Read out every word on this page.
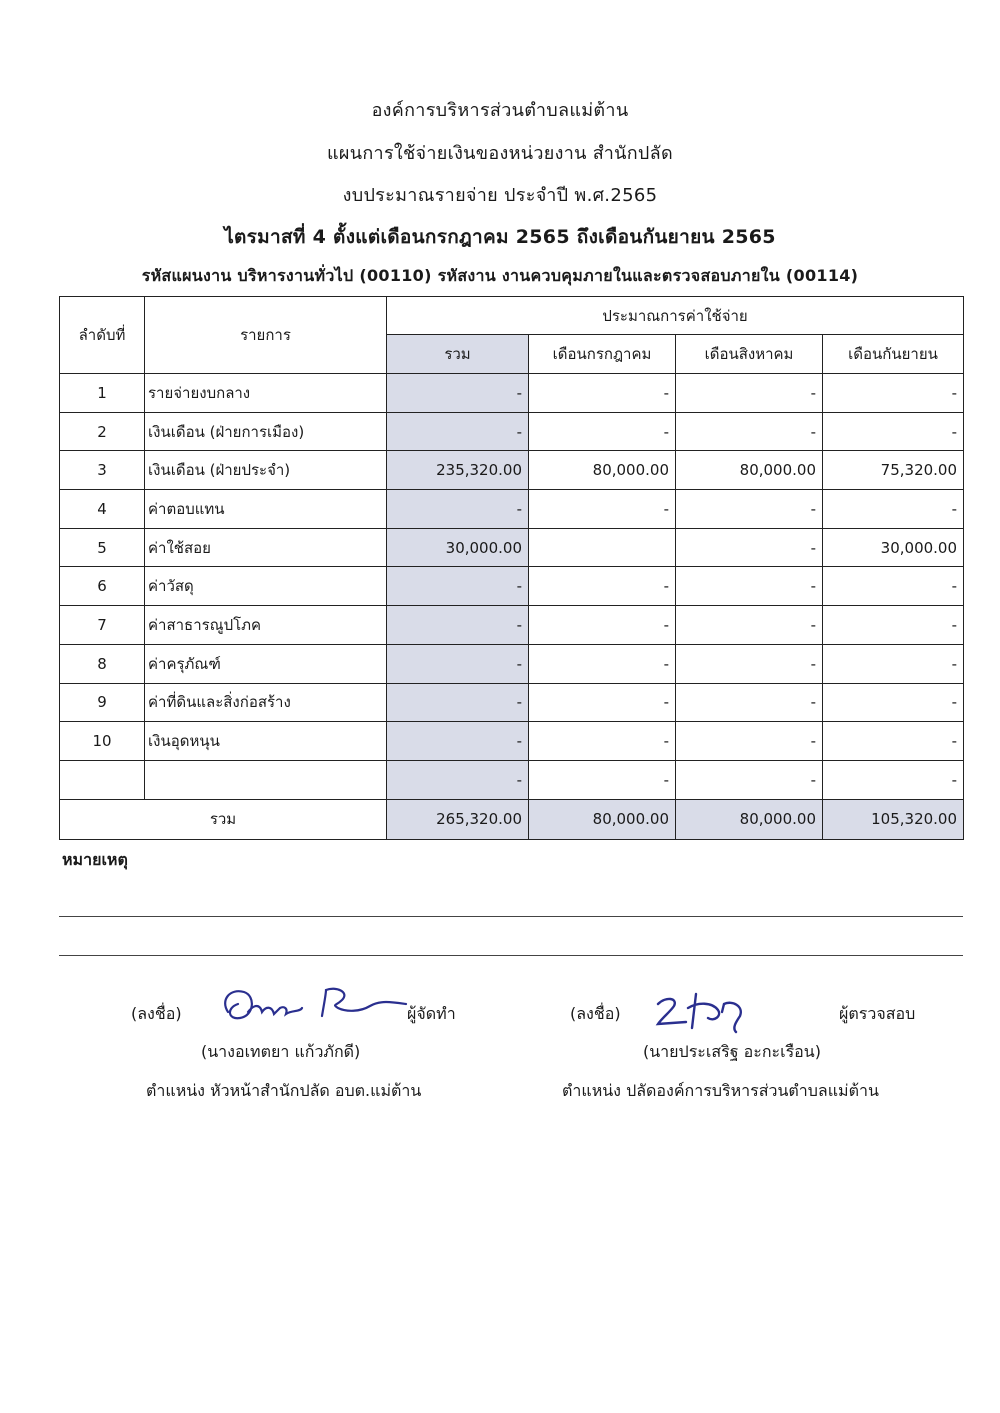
องค์การบริหารส่วนตำบลแม่ต้าน

แผนการใช้จ่ายเงินของหน่วยงาน สำนักปลัด

งบประมาณรายจ่าย ประจำปี พ.ศ.2565

ไตรมาสที่ 4 ตั้งแต่เดือนกรกฎาคม 2565 ถึงเดือนกันยายน 2565

รหัสแผนงาน บริหารงานทั่วไป (00110) รหัสงาน งานควบคุมภายในและตรวจสอบภายใน (00114)

ลำดับที่	รายการ	ประมาณการค่าใช้จ่าย			
		รวม	เดือนกรกฎาคม	เดือนสิงหาคม	เดือนกันยายน
1	รายจ่ายงบกลาง	-	-	-	-
2	เงินเดือน (ฝ่ายการเมือง)	-	-	-	-
3	เงินเดือน (ฝ่ายประจำ)	235,320.00	80,000.00	80,000.00	75,320.00
4	ค่าตอบแทน	-	-	-	-
5	ค่าใช้สอย	30,000.00		-	30,000.00
6	ค่าวัสดุ	-	-	-	-
7	ค่าสาธารณูปโภค	-	-	-	-
8	ค่าครุภัณฑ์	-	-	-	-
9	ค่าที่ดินและสิ่งก่อสร้าง	-	-	-	-
10	เงินอุดหนุน	-	-	-	-
		-	-	-	-
รวม		265,320.00	80,000.00	80,000.00	105,320.00

หมายเหตุ

(ลงชื่อ)	ผู้จัดทำ

(นางอเทตยา แก้วภักดี)

ตำแหน่ง หัวหน้าสำนักปลัด อบต.แม่ต้าน

(ลงชื่อ)	ผู้ตรวจสอบ

(นายประเสริฐ อะกะเรือน)

ตำแหน่ง ปลัดองค์การบริหารส่วนตำบลแม่ต้าน
